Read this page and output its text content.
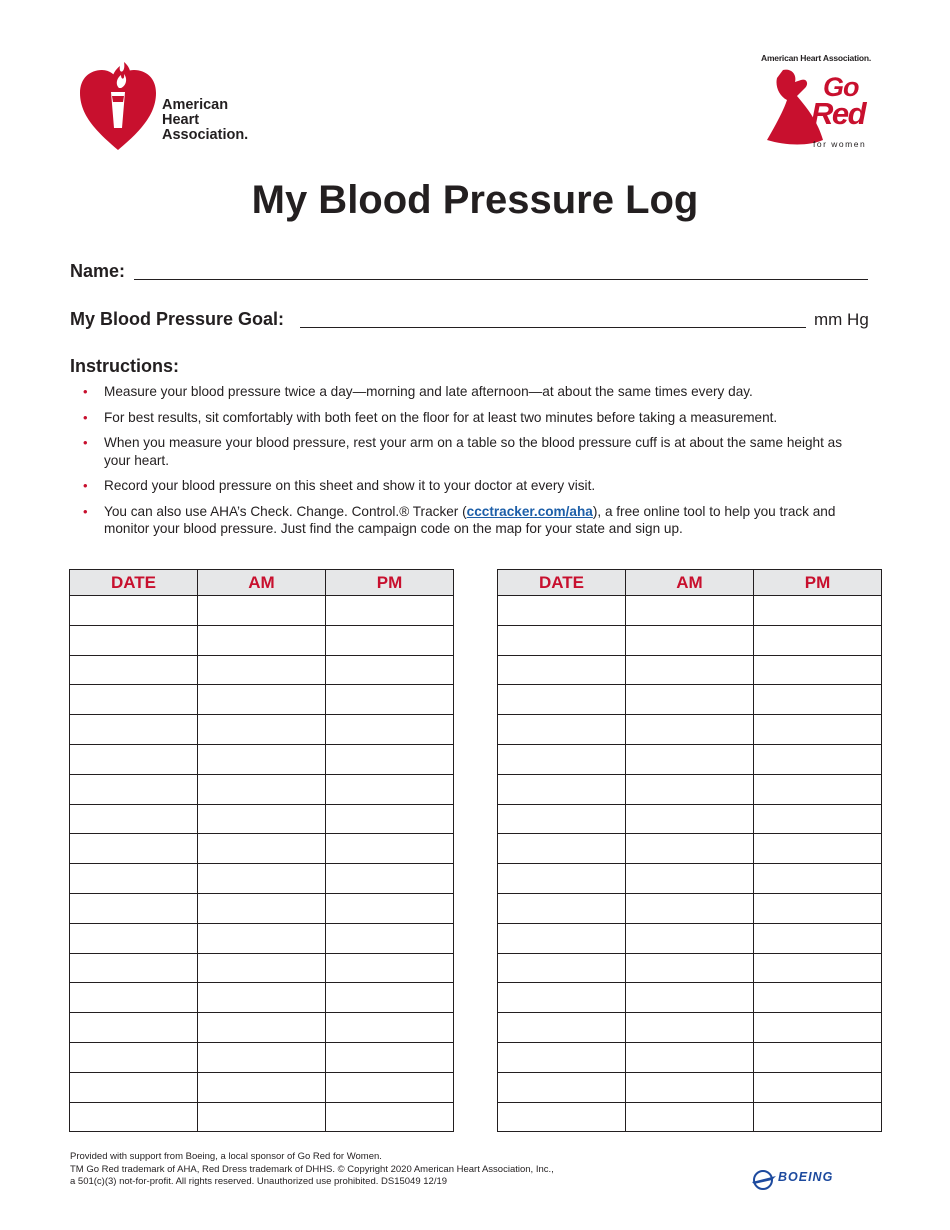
American
Heart
Association.
American Heart Association.
Go
Red
for women
My Blood Pressure Log
Name:
My Blood Pressure Goal:	mm Hg
Instructions:
• Measure your blood pressure twice a day—morning and late afternoon—at about the same times every day.
• For best results, sit comfortably with both feet on the floor for at least two minutes before taking a measurement.
• When you measure your blood pressure, rest your arm on a table so the blood pressure cuff is at about the same height as your heart.
• Record your blood pressure on this sheet and show it to your doctor at every visit.
• You can also use AHA’s Check. Change. Control.® Tracker (ccctracker.com/aha), a free online tool to help you track and monitor your blood pressure. Just find the campaign code on the map for your state and sign up.
DATE	AM	PM

			DATE	AM	PM

Provided with support from Boeing, a local sponsor of Go Red for Women.
TM Go Red trademark of AHA, Red Dress trademark of DHHS. © Copyright 2020 American Heart Association, Inc.,
a 501(c)(3) not-for-profit. All rights reserved. Unauthorized use prohibited. DS15049 12/19	BOEING
